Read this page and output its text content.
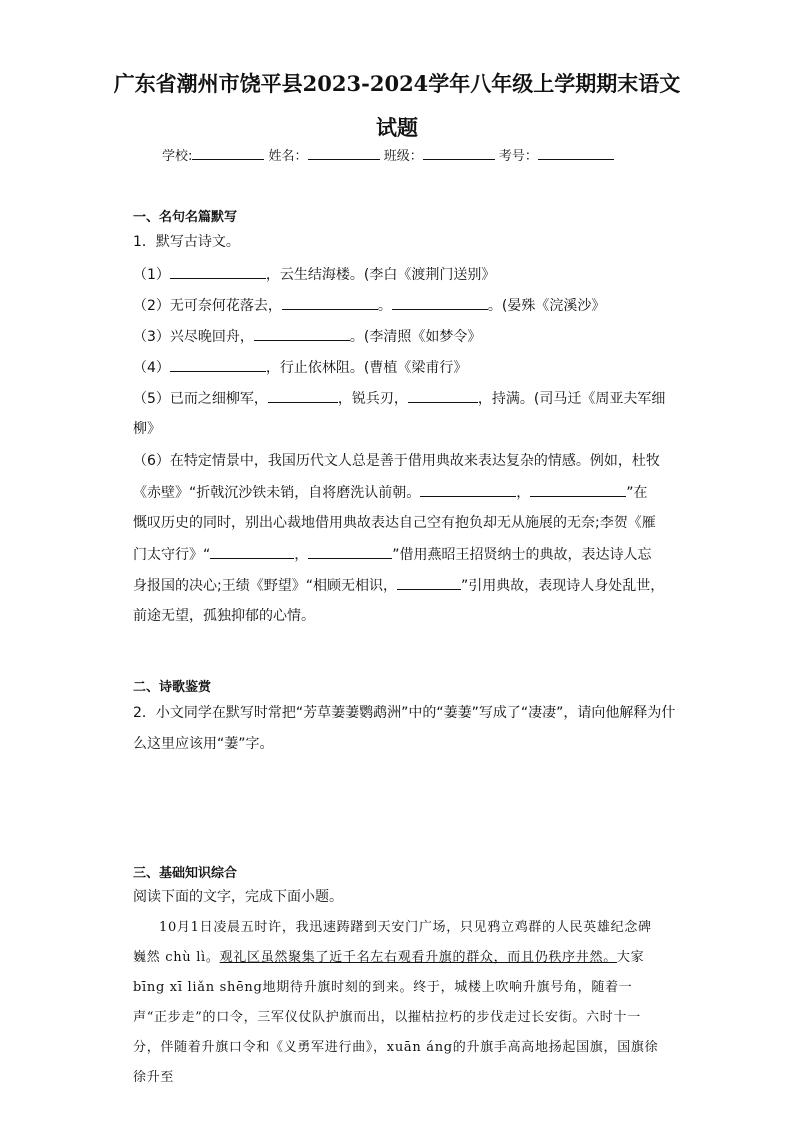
广东省潮州市饶平县2023-2024学年八年级上学期期末语文
试题
学校:	姓名：	班级：	考号：
一、名句名篇默写
1．默写古诗文。
（1）	，云生结海楼。(李白《渡荆门送别》
（2）无可奈何花落去，	。	。(晏殊《浣溪沙》
（3）兴尽晚回舟，	。(李清照《如梦令》
（4）	，行止依林阻。(曹植《梁甫行》
（5）已而之细柳军，	，锐兵刃，	，持满。(司马迁《周亚夫军细
柳》
（6）在特定情景中，我国历代文人总是善于借用典故来表达复杂的情感。例如，杜牧
《赤壁》“折戟沉沙铁未销，自将磨洗认前朝。	，	”在
慨叹历史的同时，别出心裁地借用典故表达自己空有抱负却无从施展的无奈;李贺《雁
门太守行》“	，	”借用燕昭王招贤纳士的典故，表达诗人忘
身报国的决心;王绩《野望》“相顾无相识，	”引用典故，表现诗人身处乱世，
前途无望，孤独抑郁的心情。
二、诗歌鉴赏
2．小文同学在默写时常把“芳草萋萋鹦鹉洲”中的“萋萋”写成了“凄凄”，请向他解释为什
么这里应该用“萋”字。
三、基础知识综合
阅读下面的文字，完成下面小题。
10月1日凌晨五时许，我迅速踌躇到天安门广场，只见鸦立鸡群的人民英雄纪念碑巍然 chù lì。观礼区虽然聚集了近千名左右观看升旗的群众，而且仍秩序井然。大家 bīng xī liǎn shēng地期待升旗时刻的到来。终于，城楼上吹响升旗号角，随着一声“正步走”的口令，三军仪仗队护旗而出，以摧枯拉朽的步伐走过长安街。六时十一分，伴随着升旗口令和《义勇军进行曲》，xuān áng的升旗手高高地扬起国旗，国旗徐徐升至
